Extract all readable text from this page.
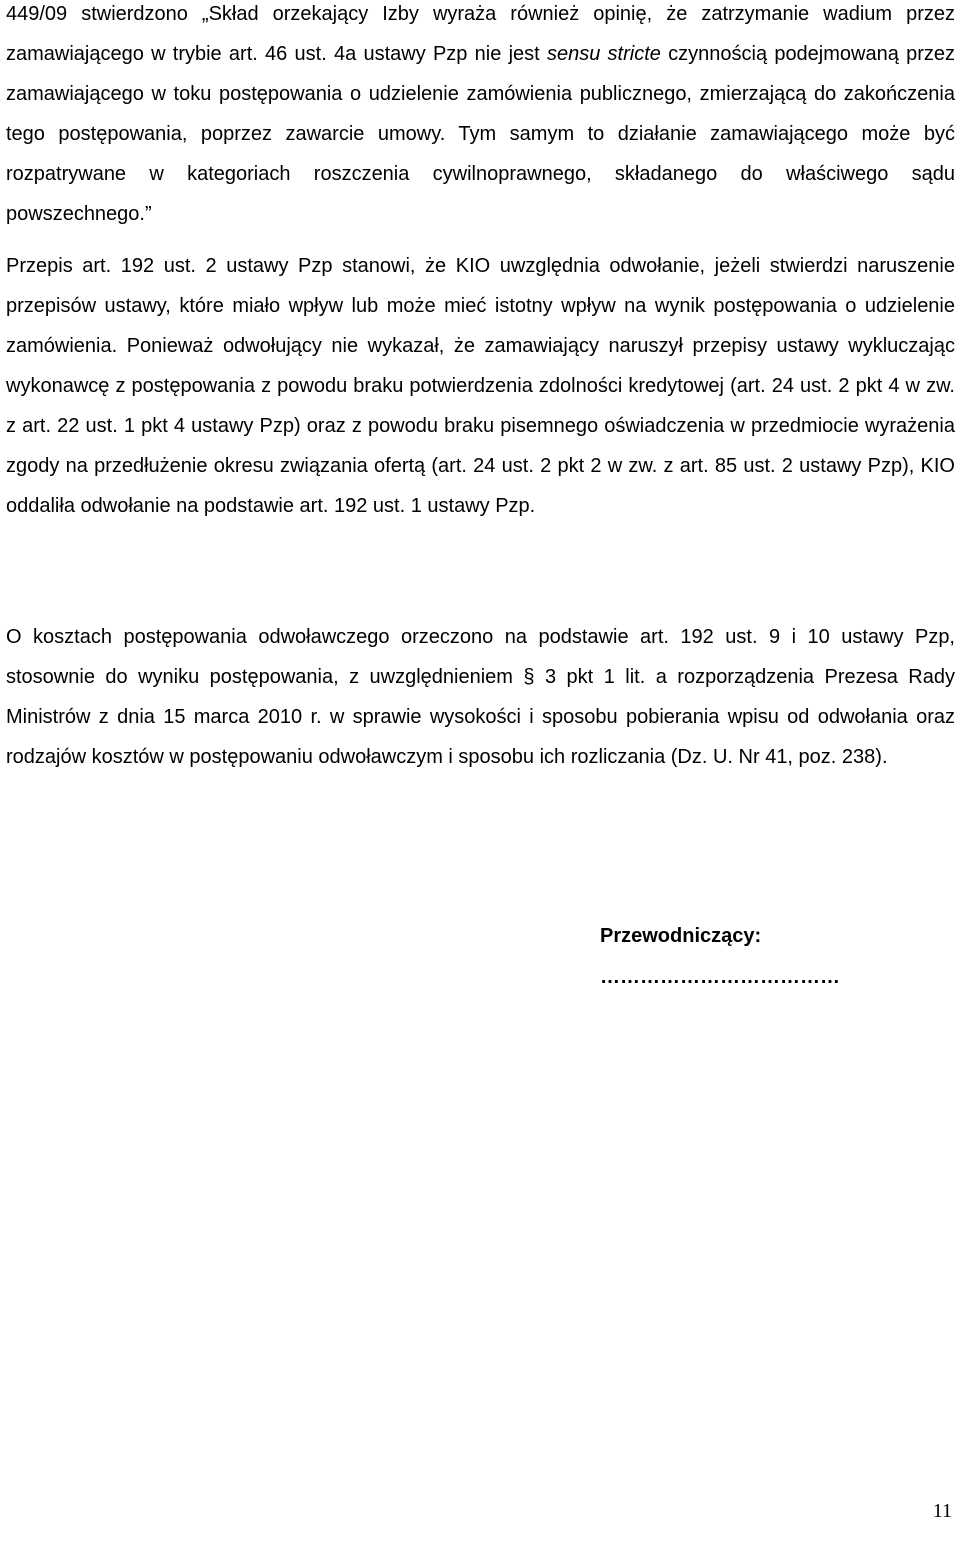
449/09 stwierdzono „Skład orzekający Izby wyraża również opinię, że zatrzymanie wadium przez zamawiającego w trybie art. 46 ust. 4a ustawy Pzp nie jest sensu stricte czynnością podejmowaną przez zamawiającego w toku postępowania o udzielenie zamówienia publicznego, zmierzającą do zakończenia tego postępowania, poprzez zawarcie umowy. Tym samym to działanie zamawiającego może być rozpatrywane w kategoriach roszczenia cywilnoprawnego, składanego do właściwego sądu powszechnego.”

Przepis art. 192 ust. 2 ustawy Pzp stanowi, że KIO uwzględnia odwołanie, jeżeli stwierdzi naruszenie przepisów ustawy, które miało wpływ lub może mieć istotny wpływ na wynik postępowania o udzielenie zamówienia. Ponieważ odwołujący nie wykazał, że zamawiający naruszył przepisy ustawy wykluczając wykonawcę z postępowania z powodu braku potwierdzenia zdolności kredytowej (art. 24 ust. 2 pkt 4 w zw. z art. 22 ust. 1 pkt 4 ustawy Pzp) oraz z powodu braku pisemnego oświadczenia w przedmiocie wyrażenia zgody na przedłużenie okresu związania ofertą (art. 24 ust. 2 pkt 2 w zw. z art. 85 ust. 2 ustawy Pzp), KIO oddaliła odwołanie na podstawie art. 192 ust. 1 ustawy Pzp.

O kosztach postępowania odwoławczego orzeczono na podstawie art. 192 ust. 9 i 10 ustawy Pzp, stosownie do wyniku postępowania, z uwzględnieniem § 3 pkt 1 lit. a rozporządzenia Prezesa Rady Ministrów z dnia 15 marca 2010 r. w sprawie wysokości i sposobu pobierania wpisu od odwołania oraz rodzajów kosztów w postępowaniu odwoławczym i sposobu ich rozliczania (Dz. U. Nr 41, poz. 238).

Przewodniczący:

………………………………

11
